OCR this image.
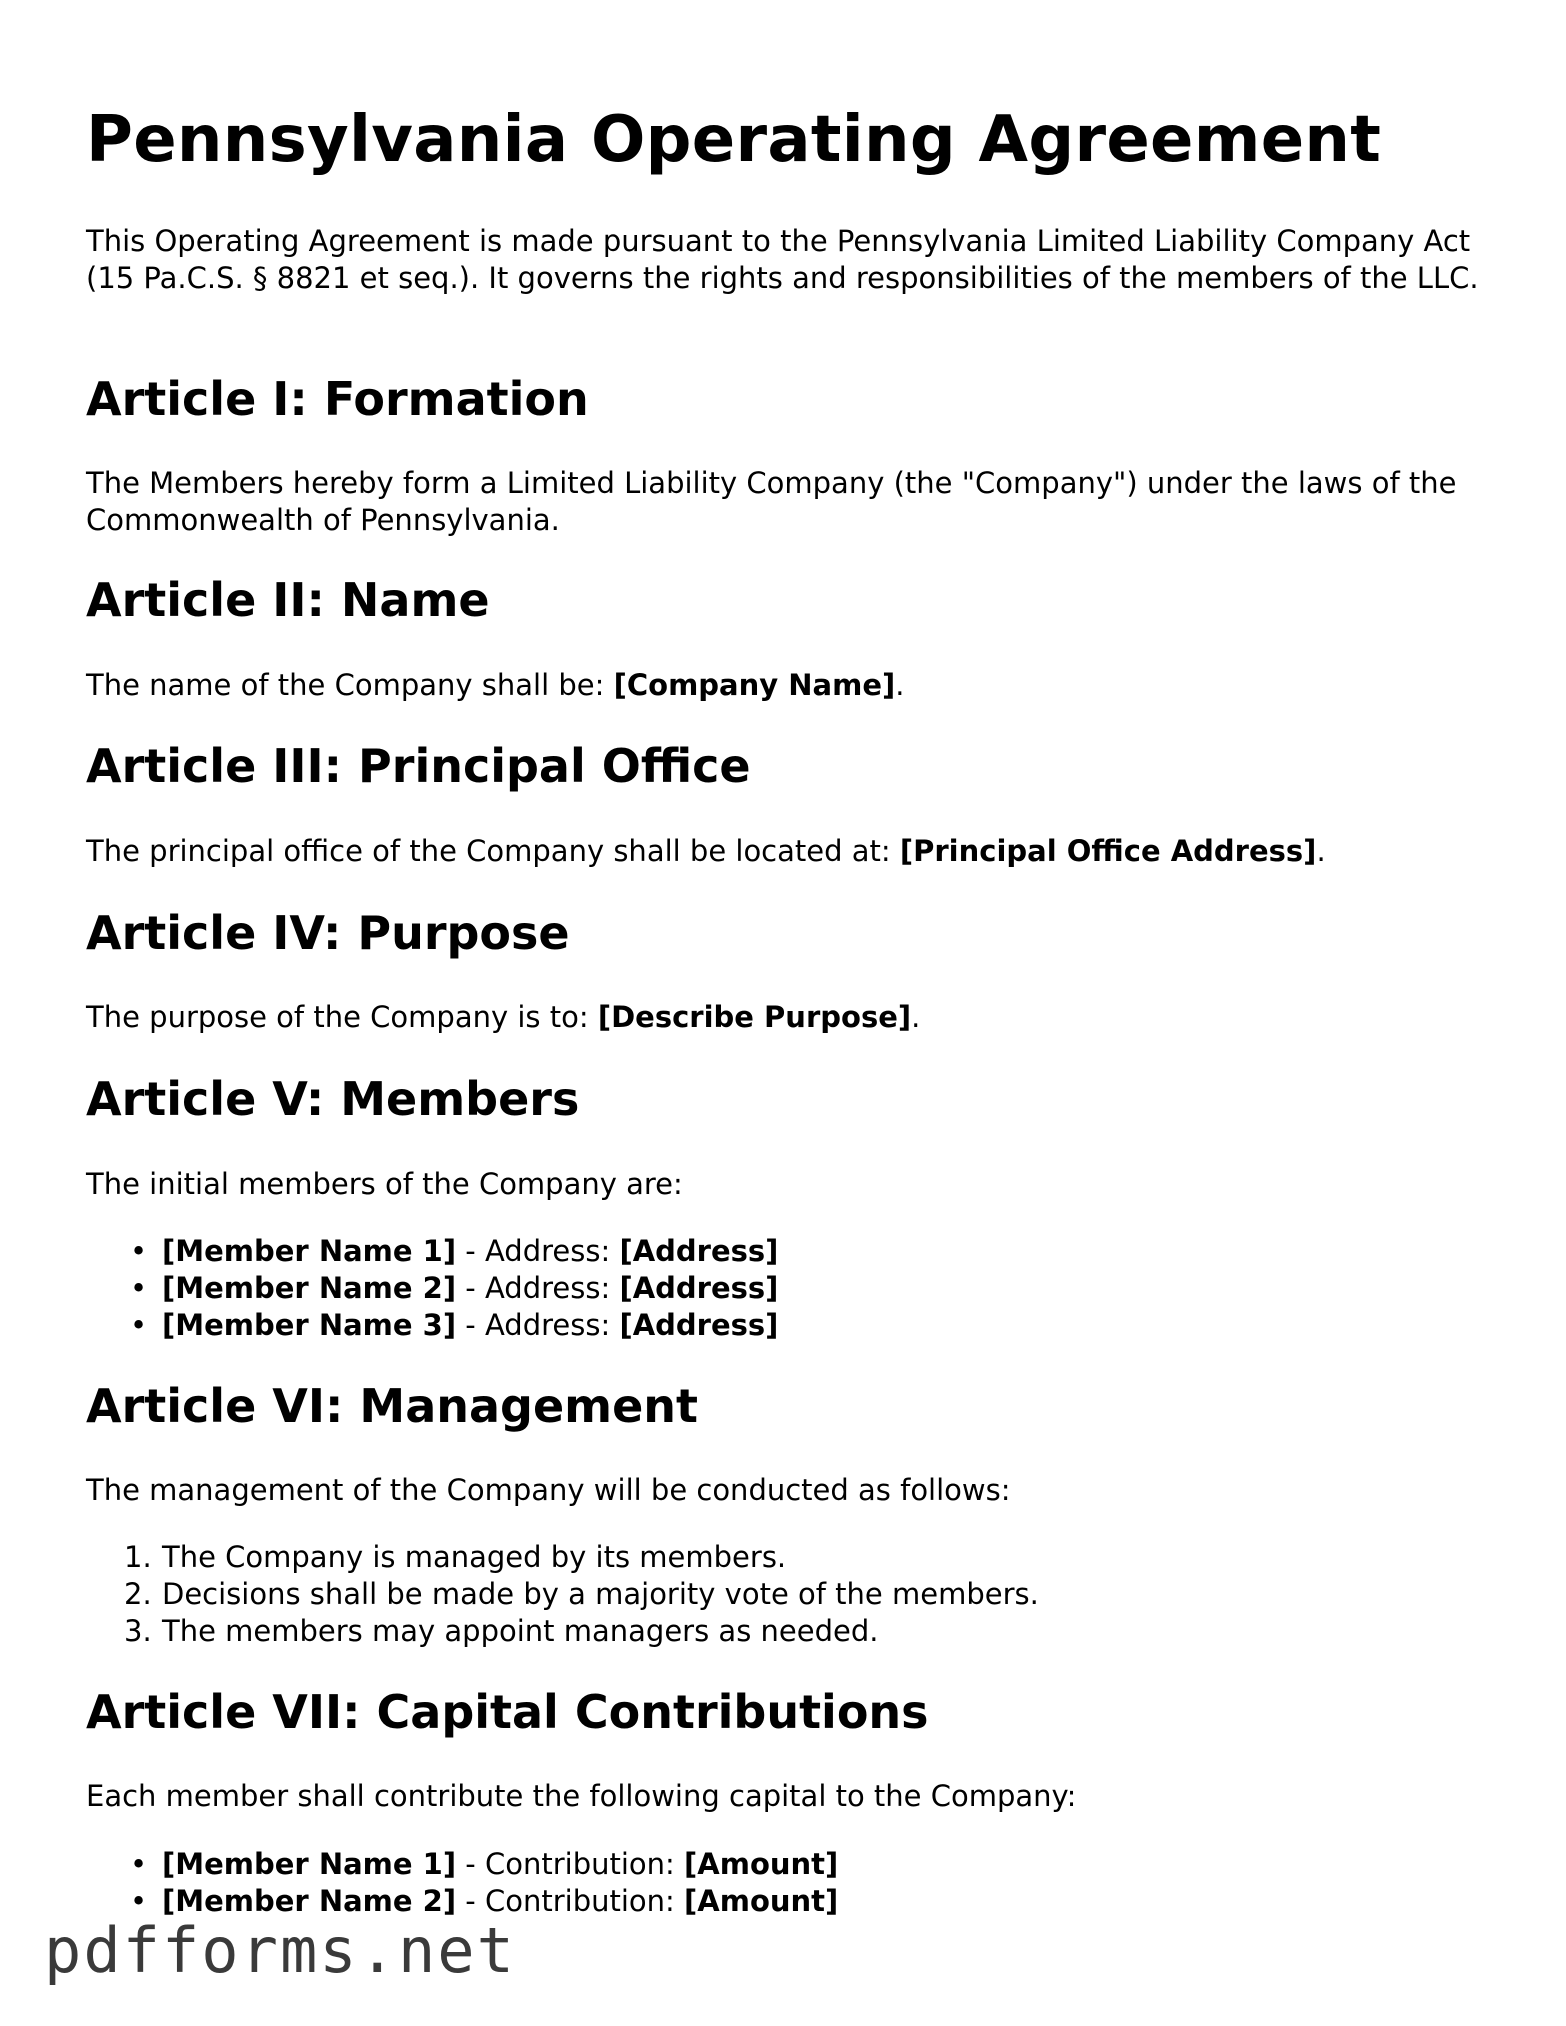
Pennsylvania Operating Agreement

This Operating Agreement is made pursuant to the Pennsylvania Limited Liability Company Act (15 Pa.C.S. § 8821 et seq.). It governs the rights and responsibilities of the members of the LLC.

Article I: Formation

The Members hereby form a Limited Liability Company (the "Company") under the laws of the Commonwealth of Pennsylvania.

Article II: Name

The name of the Company shall be: [Company Name].

Article III: Principal Office

The principal office of the Company shall be located at: [Principal Office Address].

Article IV: Purpose

The purpose of the Company is to: [Describe Purpose].

Article V: Members

The initial members of the Company are:

• [Member Name 1] - Address: [Address]
• [Member Name 2] - Address: [Address]
• [Member Name 3] - Address: [Address]
Article VI: Management

The management of the Company will be conducted as follows:

1. The Company is managed by its members.
2. Decisions shall be made by a majority vote of the members.
3. The members may appoint managers as needed.
Article VII: Capital Contributions

Each member shall contribute the following capital to the Company:

• [Member Name 1] - Contribution: [Amount]
• [Member Name 2] - Contribution: [Amount]
pdfforms.net
